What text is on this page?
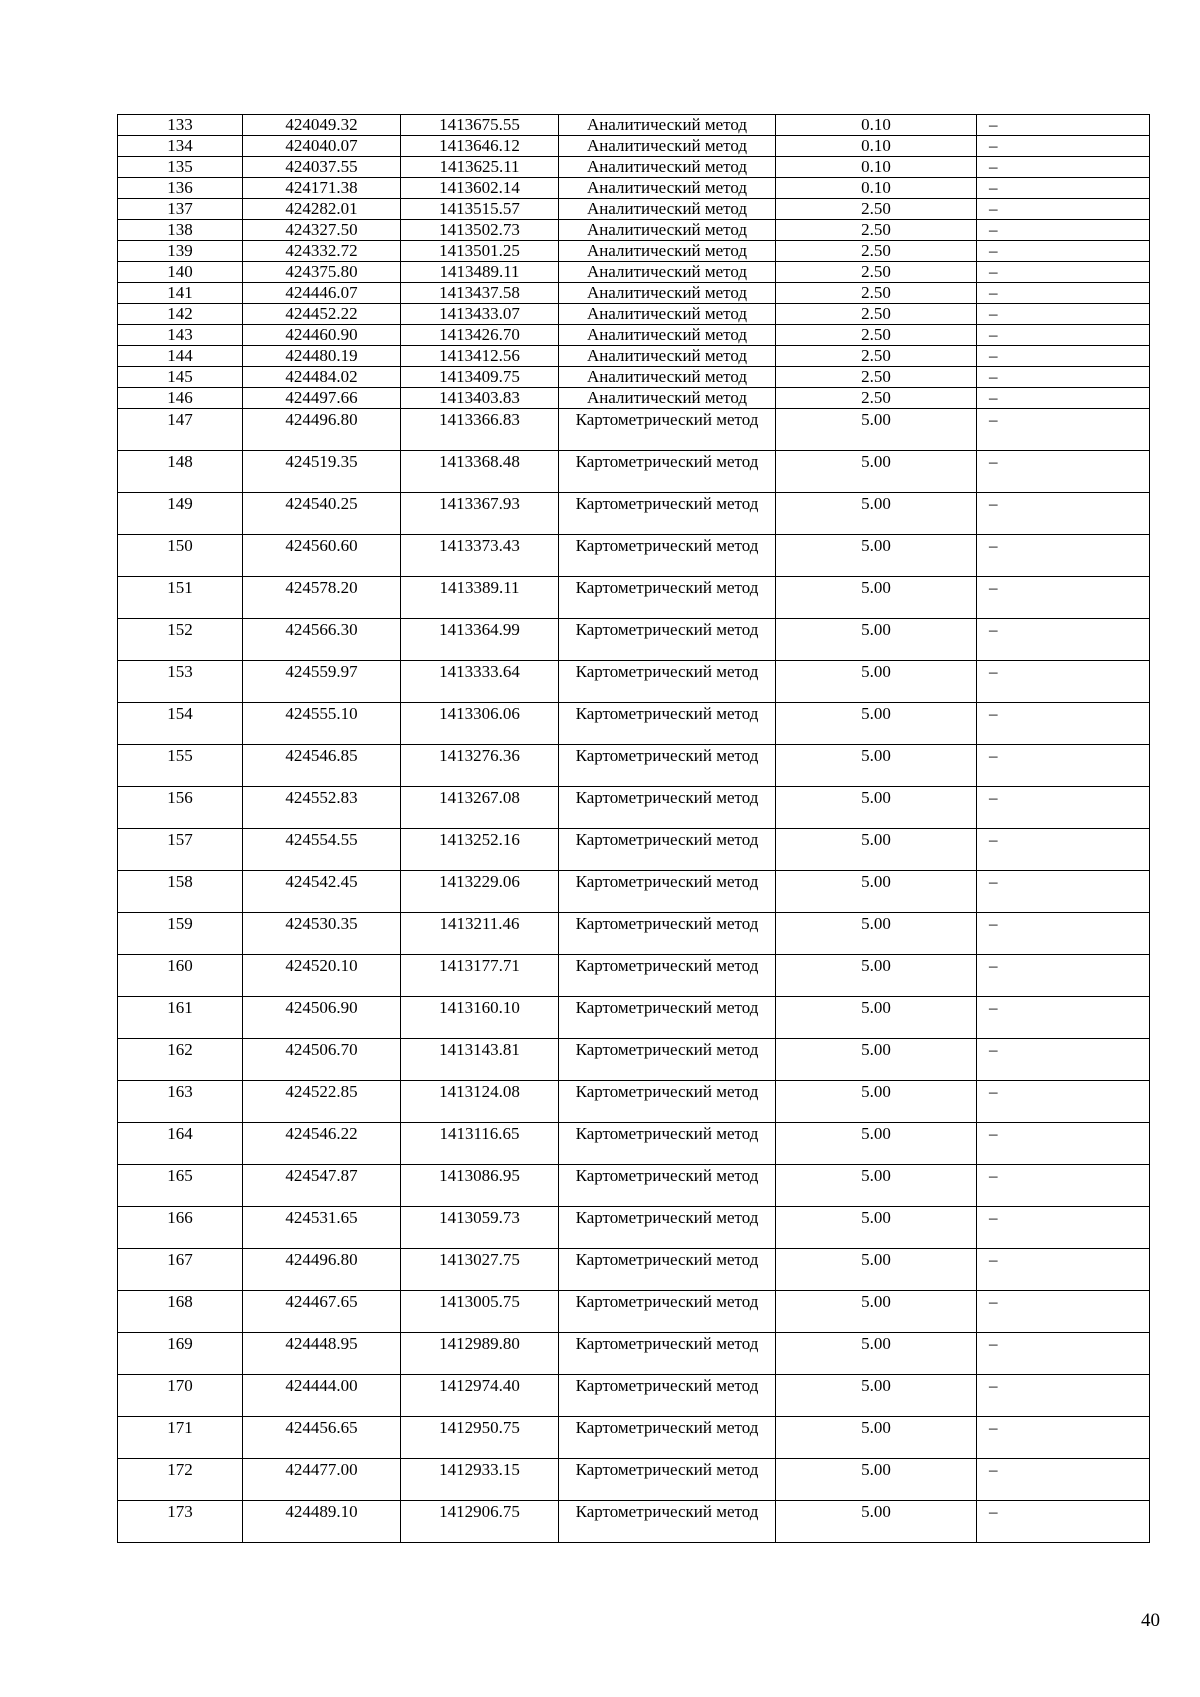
133	424049.32	1413675.55	Аналитический метод	0.10	–
134	424040.07	1413646.12	Аналитический метод	0.10	–
135	424037.55	1413625.11	Аналитический метод	0.10	–
136	424171.38	1413602.14	Аналитический метод	0.10	–
137	424282.01	1413515.57	Аналитический метод	2.50	–
138	424327.50	1413502.73	Аналитический метод	2.50	–
139	424332.72	1413501.25	Аналитический метод	2.50	–
140	424375.80	1413489.11	Аналитический метод	2.50	–
141	424446.07	1413437.58	Аналитический метод	2.50	–
142	424452.22	1413433.07	Аналитический метод	2.50	–
143	424460.90	1413426.70	Аналитический метод	2.50	–
144	424480.19	1413412.56	Аналитический метод	2.50	–
145	424484.02	1413409.75	Аналитический метод	2.50	–
146	424497.66	1413403.83	Аналитический метод	2.50	–
147	424496.80	1413366.83	Картометрический метод	5.00	–
148	424519.35	1413368.48	Картометрический метод	5.00	–
149	424540.25	1413367.93	Картометрический метод	5.00	–
150	424560.60	1413373.43	Картометрический метод	5.00	–
151	424578.20	1413389.11	Картометрический метод	5.00	–
152	424566.30	1413364.99	Картометрический метод	5.00	–
153	424559.97	1413333.64	Картометрический метод	5.00	–
154	424555.10	1413306.06	Картометрический метод	5.00	–
155	424546.85	1413276.36	Картометрический метод	5.00	–
156	424552.83	1413267.08	Картометрический метод	5.00	–
157	424554.55	1413252.16	Картометрический метод	5.00	–
158	424542.45	1413229.06	Картометрический метод	5.00	–
159	424530.35	1413211.46	Картометрический метод	5.00	–
160	424520.10	1413177.71	Картометрический метод	5.00	–
161	424506.90	1413160.10	Картометрический метод	5.00	–
162	424506.70	1413143.81	Картометрический метод	5.00	–
163	424522.85	1413124.08	Картометрический метод	5.00	–
164	424546.22	1413116.65	Картометрический метод	5.00	–
165	424547.87	1413086.95	Картометрический метод	5.00	–
166	424531.65	1413059.73	Картометрический метод	5.00	–
167	424496.80	1413027.75	Картометрический метод	5.00	–
168	424467.65	1413005.75	Картометрический метод	5.00	–
169	424448.95	1412989.80	Картометрический метод	5.00	–
170	424444.00	1412974.40	Картометрический метод	5.00	–
171	424456.65	1412950.75	Картометрический метод	5.00	–
172	424477.00	1412933.15	Картометрический метод	5.00	–
173	424489.10	1412906.75	Картометрический метод	5.00	–
40
